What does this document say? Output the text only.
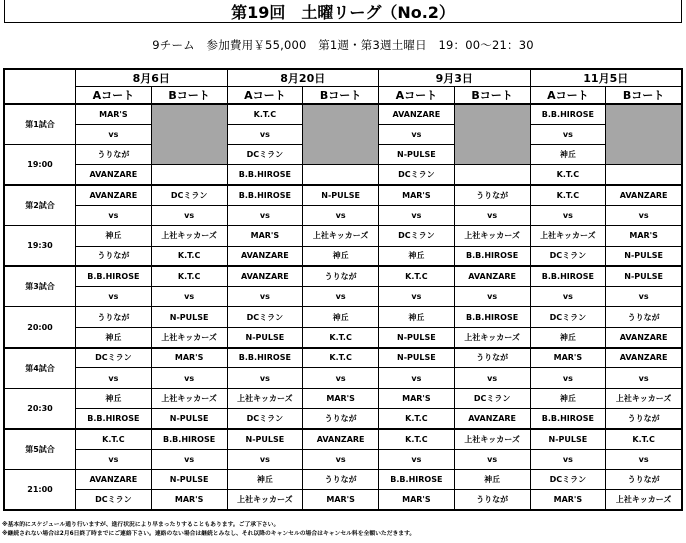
第19回　土曜リーグ（No.2）
9チーム　参加費用￥55,000　第1週・第3週土曜日　19：00〜21：30
	8月6日		8月20日		9月3日		11月5日	
	Aコート	Bコート	Aコート	Bコート	Aコート	Bコート	Aコート	Bコート
第1試合	MAR'S		K.T.C		AVANZARE		B.B.HIROSE	
	vs		vs		vs		vs	
19:00	うりなが		DCミラン		N-PULSE		神丘	
	AVANZARE		B.B.HIROSE		DCミラン		K.T.C	
第2試合	AVANZARE	DCミラン	B.B.HIROSE	N-PULSE	MAR'S	うりなが	K.T.C	AVANZARE
	vs	vs	vs	vs	vs	vs	vs	vs
19:30	神丘	上社キッカーズ	MAR'S	上社キッカーズ	DCミラン	上社キッカーズ	上社キッカーズ	MAR'S
	うりなが	K.T.C	AVANZARE	神丘	神丘	B.B.HIROSE	DCミラン	N-PULSE
第3試合	B.B.HIROSE	K.T.C	AVANZARE	うりなが	K.T.C	AVANZARE	B.B.HIROSE	N-PULSE
	vs	vs	vs	vs	vs	vs	vs	vs
20:00	うりなが	N-PULSE	DCミラン	神丘	神丘	B.B.HIROSE	DCミラン	うりなが
	神丘	上社キッカーズ	N-PULSE	K.T.C	N-PULSE	上社キッカーズ	神丘	AVANZARE
第4試合	DCミラン	MAR'S	B.B.HIROSE	K.T.C	N-PULSE	うりなが	MAR'S	AVANZARE
	vs	vs	vs	vs	vs	vs	vs	vs
20:30	神丘	上社キッカーズ	上社キッカーズ	MAR'S	MAR'S	DCミラン	神丘	上社キッカーズ
	B.B.HIROSE	N-PULSE	DCミラン	うりなが	K.T.C	AVANZARE	B.B.HIROSE	うりなが
第5試合	K.T.C	B.B.HIROSE	N-PULSE	AVANZARE	K.T.C	上社キッカーズ	N-PULSE	K.T.C
	vs	vs	vs	vs	vs	vs	vs	vs
21:00	AVANZARE	N-PULSE	神丘	うりなが	B.B.HIROSE	神丘	DCミラン	うりなが
	DCミラン	MAR'S	上社キッカーズ	MAR'S	MAR'S	うりなが	MAR'S	上社キッカーズ
※基本的にスケジュール通り行いますが、進行状況により早まったりすることもあります。ご了承下さい。
※継続されない場合は2月6日終了時までにご連絡下さい。連絡のない場合は継続とみなし、それ以降のキャンセルの場合はキャンセル料を全額いただきます。
